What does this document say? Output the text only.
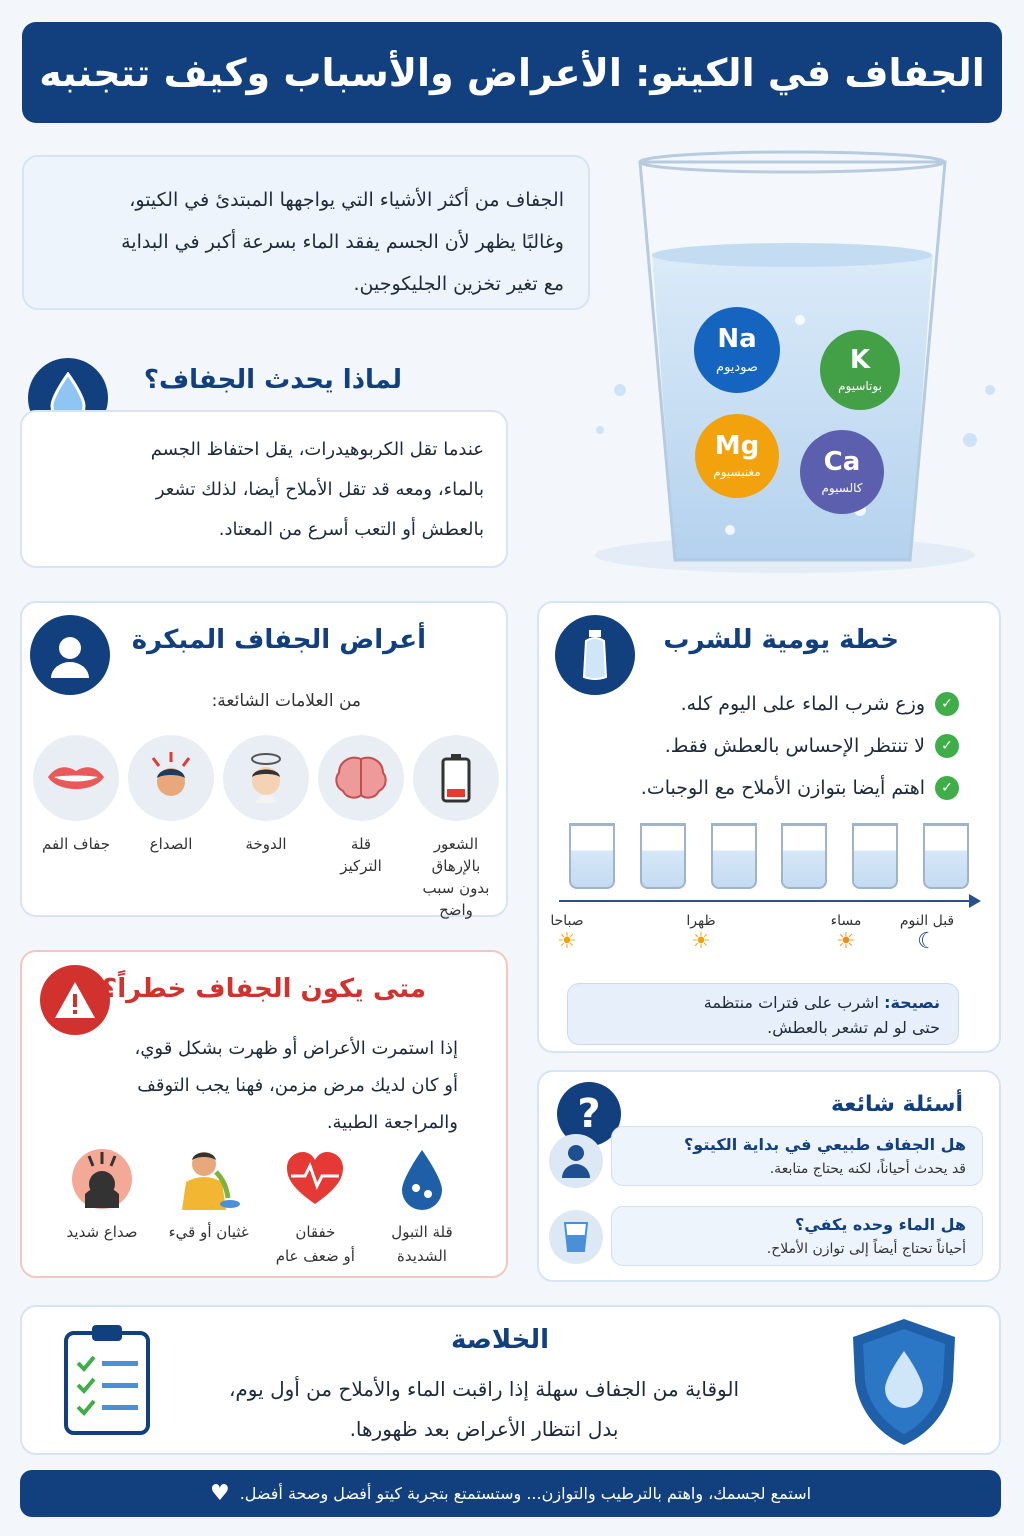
الجفاف في الكيتو: الأعراض والأسباب وكيف تتجنبه
الجفاف من أكثر الأشياء التي يواجهها المبتدئ في الكيتو،
وغالبًا يظهر لأن الجسم يفقد الماء بسرعة أكبر في البداية
مع تغير تخزين الجليكوجين.
Na
صوديوم	K
بوتاسيوم
Mg
مغنيسيوم Ca
كالسيوم
لماذا يحدث الجفاف؟
عندما تقل الكربوهيدرات، يقل احتفاظ الجسم
بالماء، ومعه قد تقل الأملاح أيضا، لذلك تشعر
بالعطش أو التعب أسرع من المعتاد.
أعراض الجفاف المبكرة
من العلامات الشائعة:
الشعور بالإرهاق
بدون سبب واضح
قلة
التركيز
الدوخة
الصداع
جفاف الفم
خطة يومية للشرب
✓
وزع شرب الماء على اليوم كله.
✓
لا تنتظر الإحساس بالعطش فقط.
✓
اهتم أيضا بتوازن الأملاح مع الوجبات.
صباحا
☀
ظهرا
☀
مساء
☀
قبل النوم
☾
نصيحة: اشرب على فترات منتظمة
حتى لو لم تشعر بالعطش.
متى يكون الجفاف خطراً؟
إذا استمرت الأعراض أو ظهرت بشكل قوي،
أو كان لديك مرض مزمن، فهنا يجب التوقف
والمراجعة الطبية.
قلة التبول
الشديدة
خفقان
أو ضعف عام
غثيان أو قيء
صداع شديد
?	أسئلة شائعة
هل الجفاف طبيعي في بداية الكيتو؟
قد يحدث أحياناً، لكنه يحتاج متابعة.
هل الماء وحده يكفي؟
أحياناً تحتاج أيضاً إلى توازن الأملاح.
الخلاصة
الوقاية من الجفاف سهلة إذا راقبت الماء والأملاح من أول يوم،
بدل انتظار الأعراض بعد ظهورها.
استمع لجسمك، واهتم بالترطيب والتوازن... وستستمتع بتجربة كيتو أفضل وصحة أفضل.
♥
